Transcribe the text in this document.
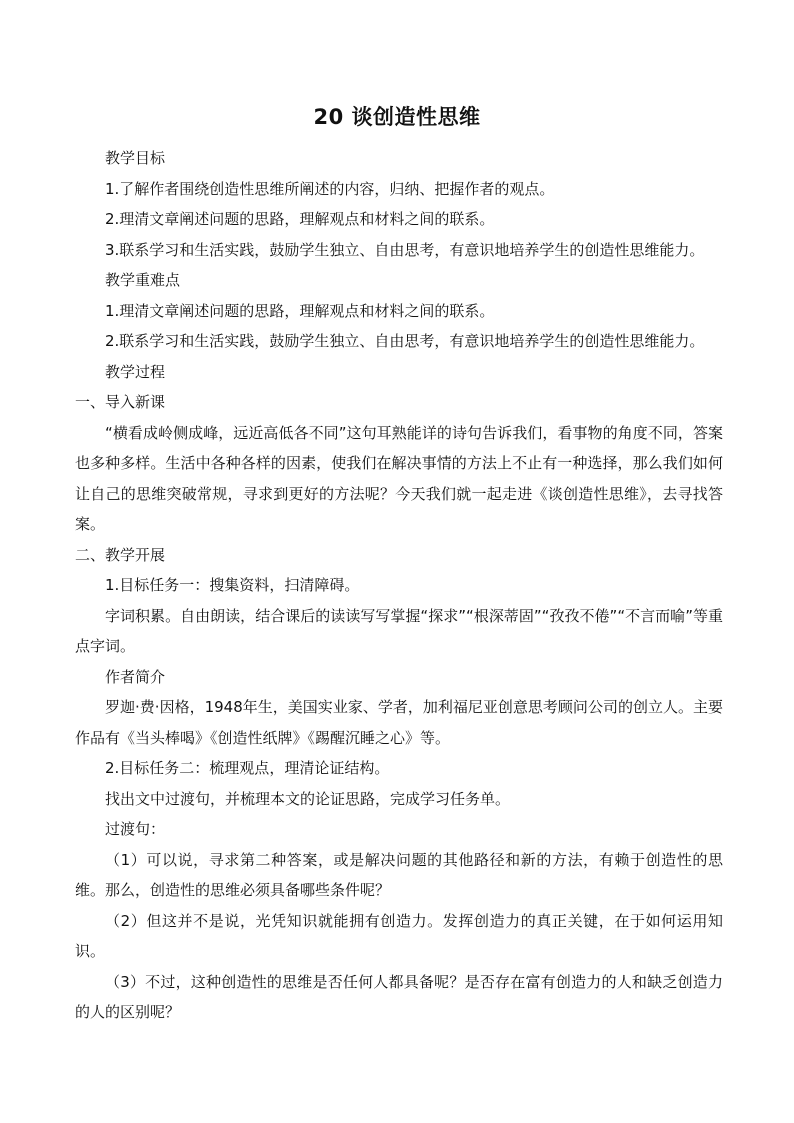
20 谈创造性思维

教学目标

1.了解作者围绕创造性思维所阐述的内容，归纳、把握作者的观点。

2.理清文章阐述问题的思路，理解观点和材料之间的联系。

3.联系学习和生活实践，鼓励学生独立、自由思考，有意识地培养学生的创造性思维能力。

教学重难点

1.理清文章阐述问题的思路，理解观点和材料之间的联系。

2.联系学习和生活实践，鼓励学生独立、自由思考，有意识地培养学生的创造性思维能力。

教学过程

一、导入新课

“横看成岭侧成峰，远近高低各不同”这句耳熟能详的诗句告诉我们，看事物的角度不同，答案也多种多样。生活中各种各样的因素，使我们在解决事情的方法上不止有一种选择，那么我们如何让自己的思维突破常规，寻求到更好的方法呢？今天我们就一起走进《谈创造性思维》，去寻找答案。

二、教学开展

1.目标任务一：搜集资料，扫清障碍。

字词积累。自由朗读，结合课后的读读写写掌握“探求”“根深蒂固”“孜孜不倦”“不言而喻”等重点字词。

作者简介

罗迦·费·因格，1948年生，美国实业家、学者，加利福尼亚创意思考顾问公司的创立人。主要作品有《当头棒喝》《创造性纸牌》《踢醒沉睡之心》等。

2.目标任务二：梳理观点，理清论证结构。

找出文中过渡句，并梳理本文的论证思路，完成学习任务单。

过渡句：

（1）可以说，寻求第二种答案，或是解决问题的其他路径和新的方法，有赖于创造性的思维。那么，创造性的思维必须具备哪些条件呢？

（2）但这并不是说，光凭知识就能拥有创造力。发挥创造力的真正关键，在于如何运用知识。

（3）不过，这种创造性的思维是否任何人都具备呢？是否存在富有创造力的人和缺乏创造力的人的区别呢？
